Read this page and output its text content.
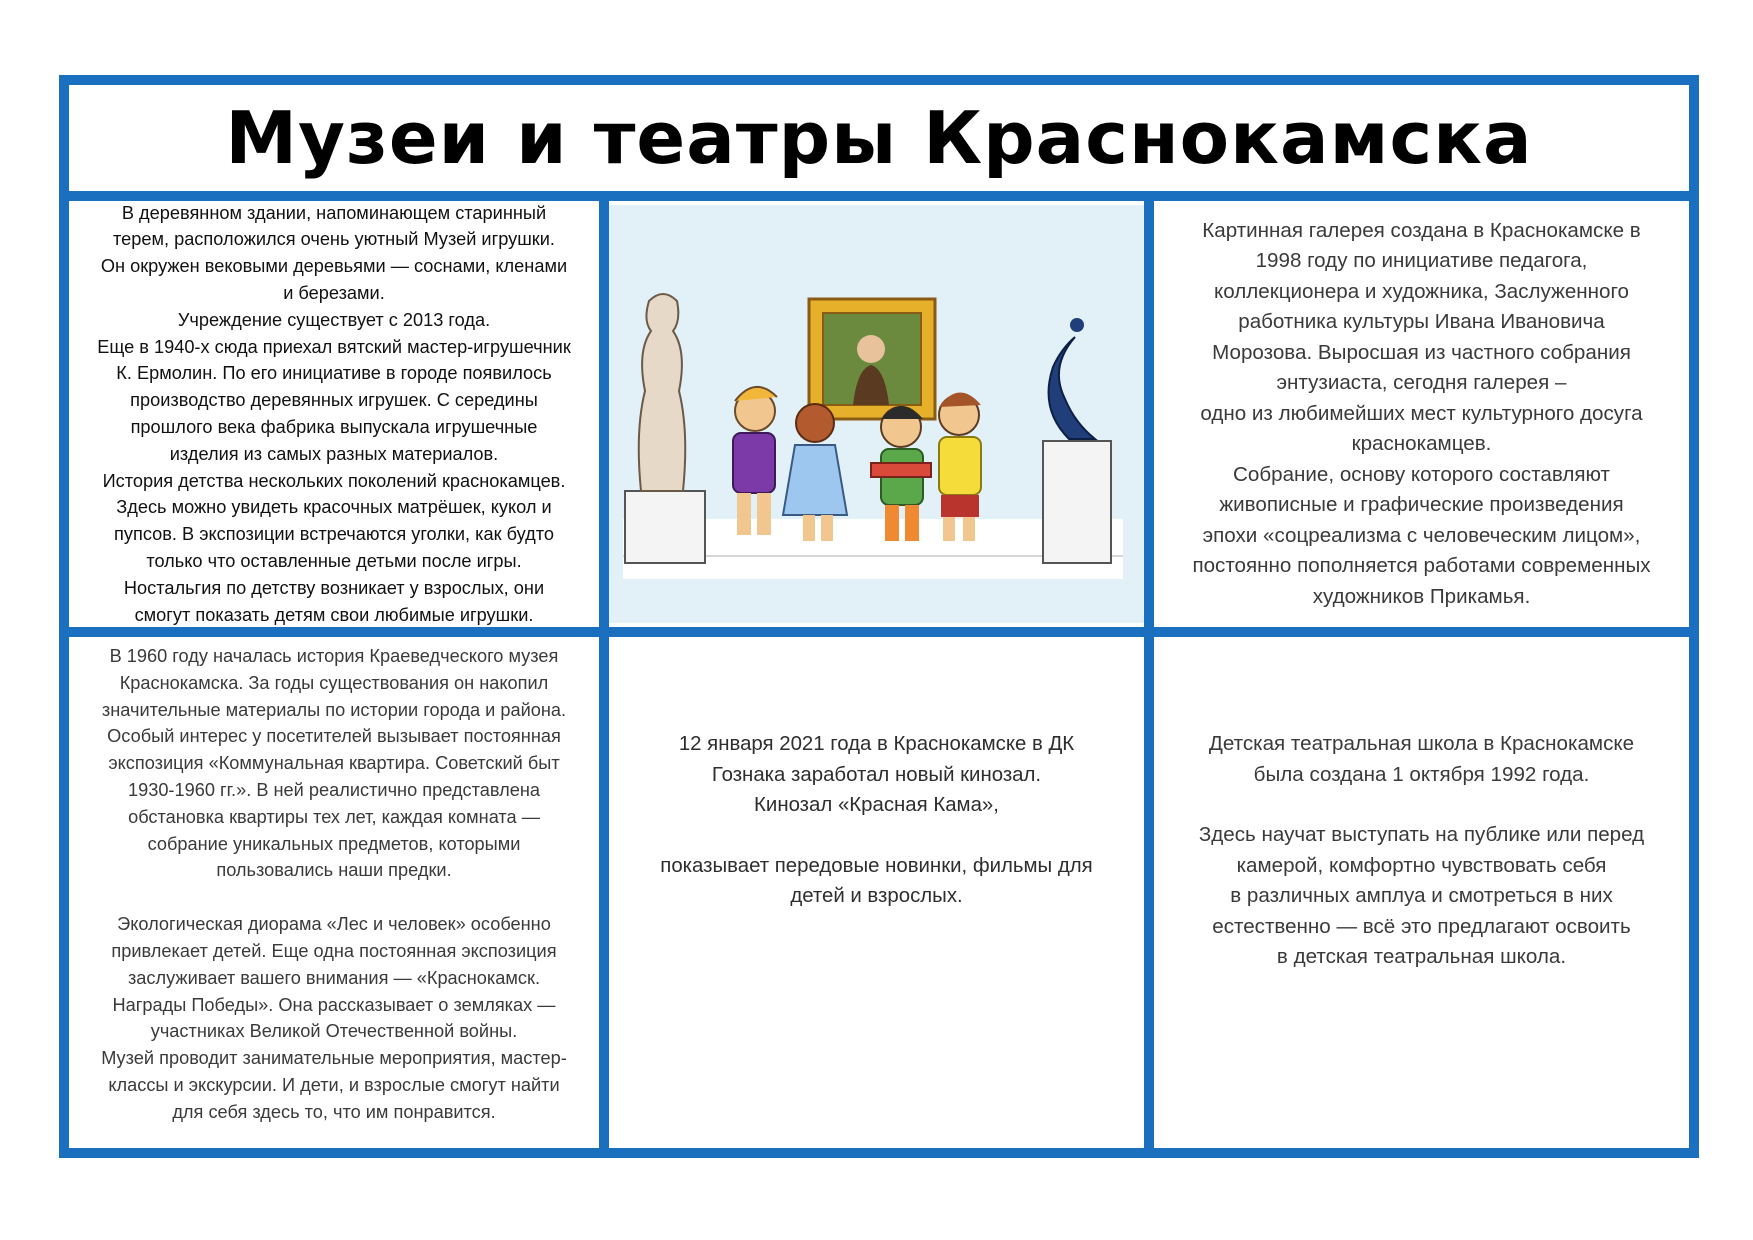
Музеи и театры Краснокамска
В деревянном здании, напоминающем старинный
терем, расположился очень уютный Музей игрушки.
Он окружен вековыми деревьями — соснами, кленами
и березами.
Учреждение существует с 2013 года.
Еще в 1940-х сюда приехал вятский мастер-игрушечник
К. Ермолин. По его инициативе в городе появилось
производство деревянных игрушек. С середины
прошлого века фабрика выпускала игрушечные
изделия из самых разных материалов.
История детства нескольких поколений краснокамцев.
Здесь можно увидеть красочных матрёшек, кукол и
пупсов. В экспозиции встречаются уголки, как будто
только что оставленные детьми после игры.
Ностальгия по детству возникает у взрослых, они
смогут показать детям свои любимые игрушки.
Картинная галерея создана в Краснокамске в
1998 году по инициативе педагога,
коллекционера и художника, Заслуженного
работника культуры Ивана Ивановича
Морозова. Выросшая из частного собрания
энтузиаста, сегодня галерея –
одно из любимейших мест культурного досуга
краснокамцев.
Собрание, основу которого составляют
живописные и графические произведения
эпохи «соцреализма с человеческим лицом»,
постоянно пополняется работами современных
художников Прикамья.
В 1960 году началась история Краеведческого музея
Краснокамска. За годы существования он накопил
значительные материалы по истории города и района.
Особый интерес у посетителей вызывает постоянная
экспозиция «Коммунальная квартира. Советский быт
1930-1960 гг.». В ней реалистично представлена
обстановка квартиры тех лет, каждая комната —
собрание уникальных предметов, которыми
пользовались наши предки.
Экологическая диорама «Лес и человек» особенно
привлекает детей. Еще одна постоянная экспозиция
заслуживает вашего внимания — «Краснокамск.
Награды Победы». Она рассказывает о земляках —
участниках Великой Отечественной войны.
Музей проводит занимательные мероприятия, мастер-
классы и экскурсии. И дети, и взрослые смогут найти
для себя здесь то, что им понравится.
12 января 2021 года в Краснокамске в ДК
Гознака заработал новый кинозал.
Кинозал «Красная Кама»,
показывает передовые новинки, фильмы для
детей и взрослых.
Детская театральная школа в Краснокамске
была создана 1 октября 1992 года.
Здесь научат выступать на публике или перед
камерой, комфортно чувствовать себя
в различных амплуа и смотреться в них
естественно — всё это предлагают освоить
в детская театральная школа.
